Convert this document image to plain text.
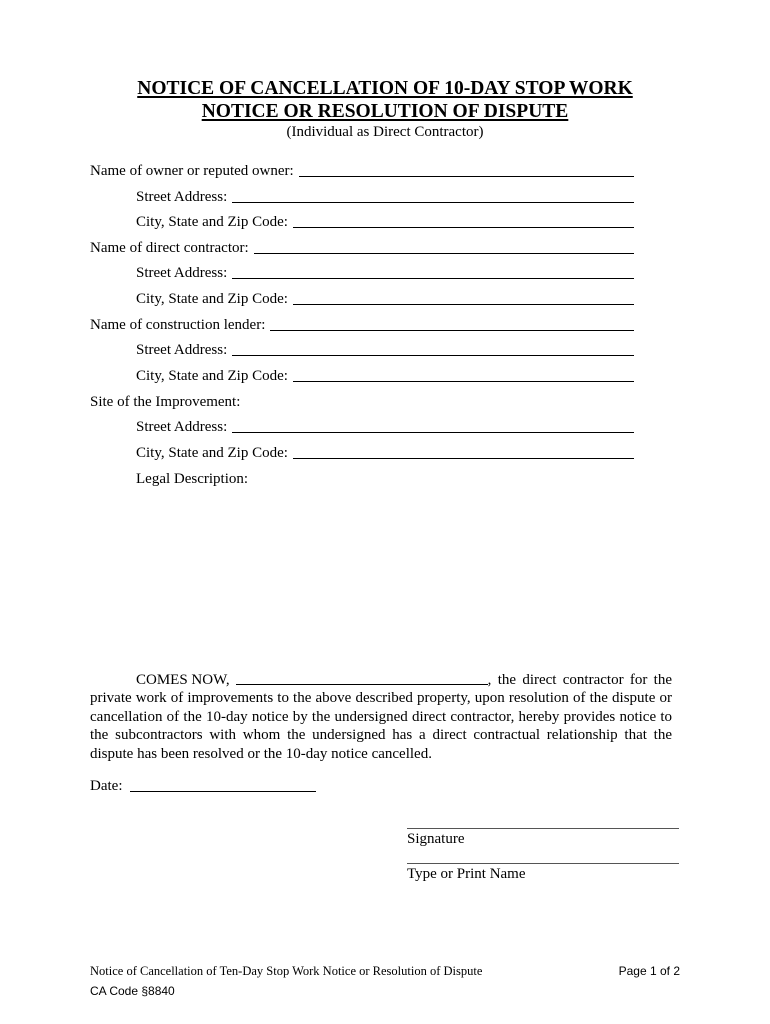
NOTICE OF CANCELLATION OF 10-DAY STOP WORK
NOTICE OR RESOLUTION OF DISPUTE
(Individual as Direct Contractor)
Name of owner or reputed owner:
Street Address:
City, State and Zip Code:
Name of direct contractor:
Street Address:
City, State and Zip Code:
Name of construction lender:
Street Address:
City, State and Zip Code:
Site of the Improvement:
Street Address:
City, State and Zip Code:
Legal Description:
COMES NOW,	, the direct contractor for the
private work of improvements to the above described property, upon resolution of the dispute or cancellation of the 10-day notice by the undersigned direct contractor, hereby provides notice to the subcontractors with whom the undersigned has a direct contractual relationship that the dispute has been resolved or the 10-day notice cancelled.
Date:
Signature
Type or Print Name
Notice of Cancellation of Ten-Day Stop Work Notice or Resolution of Dispute
CA Code §8840
Page 1 of 2
